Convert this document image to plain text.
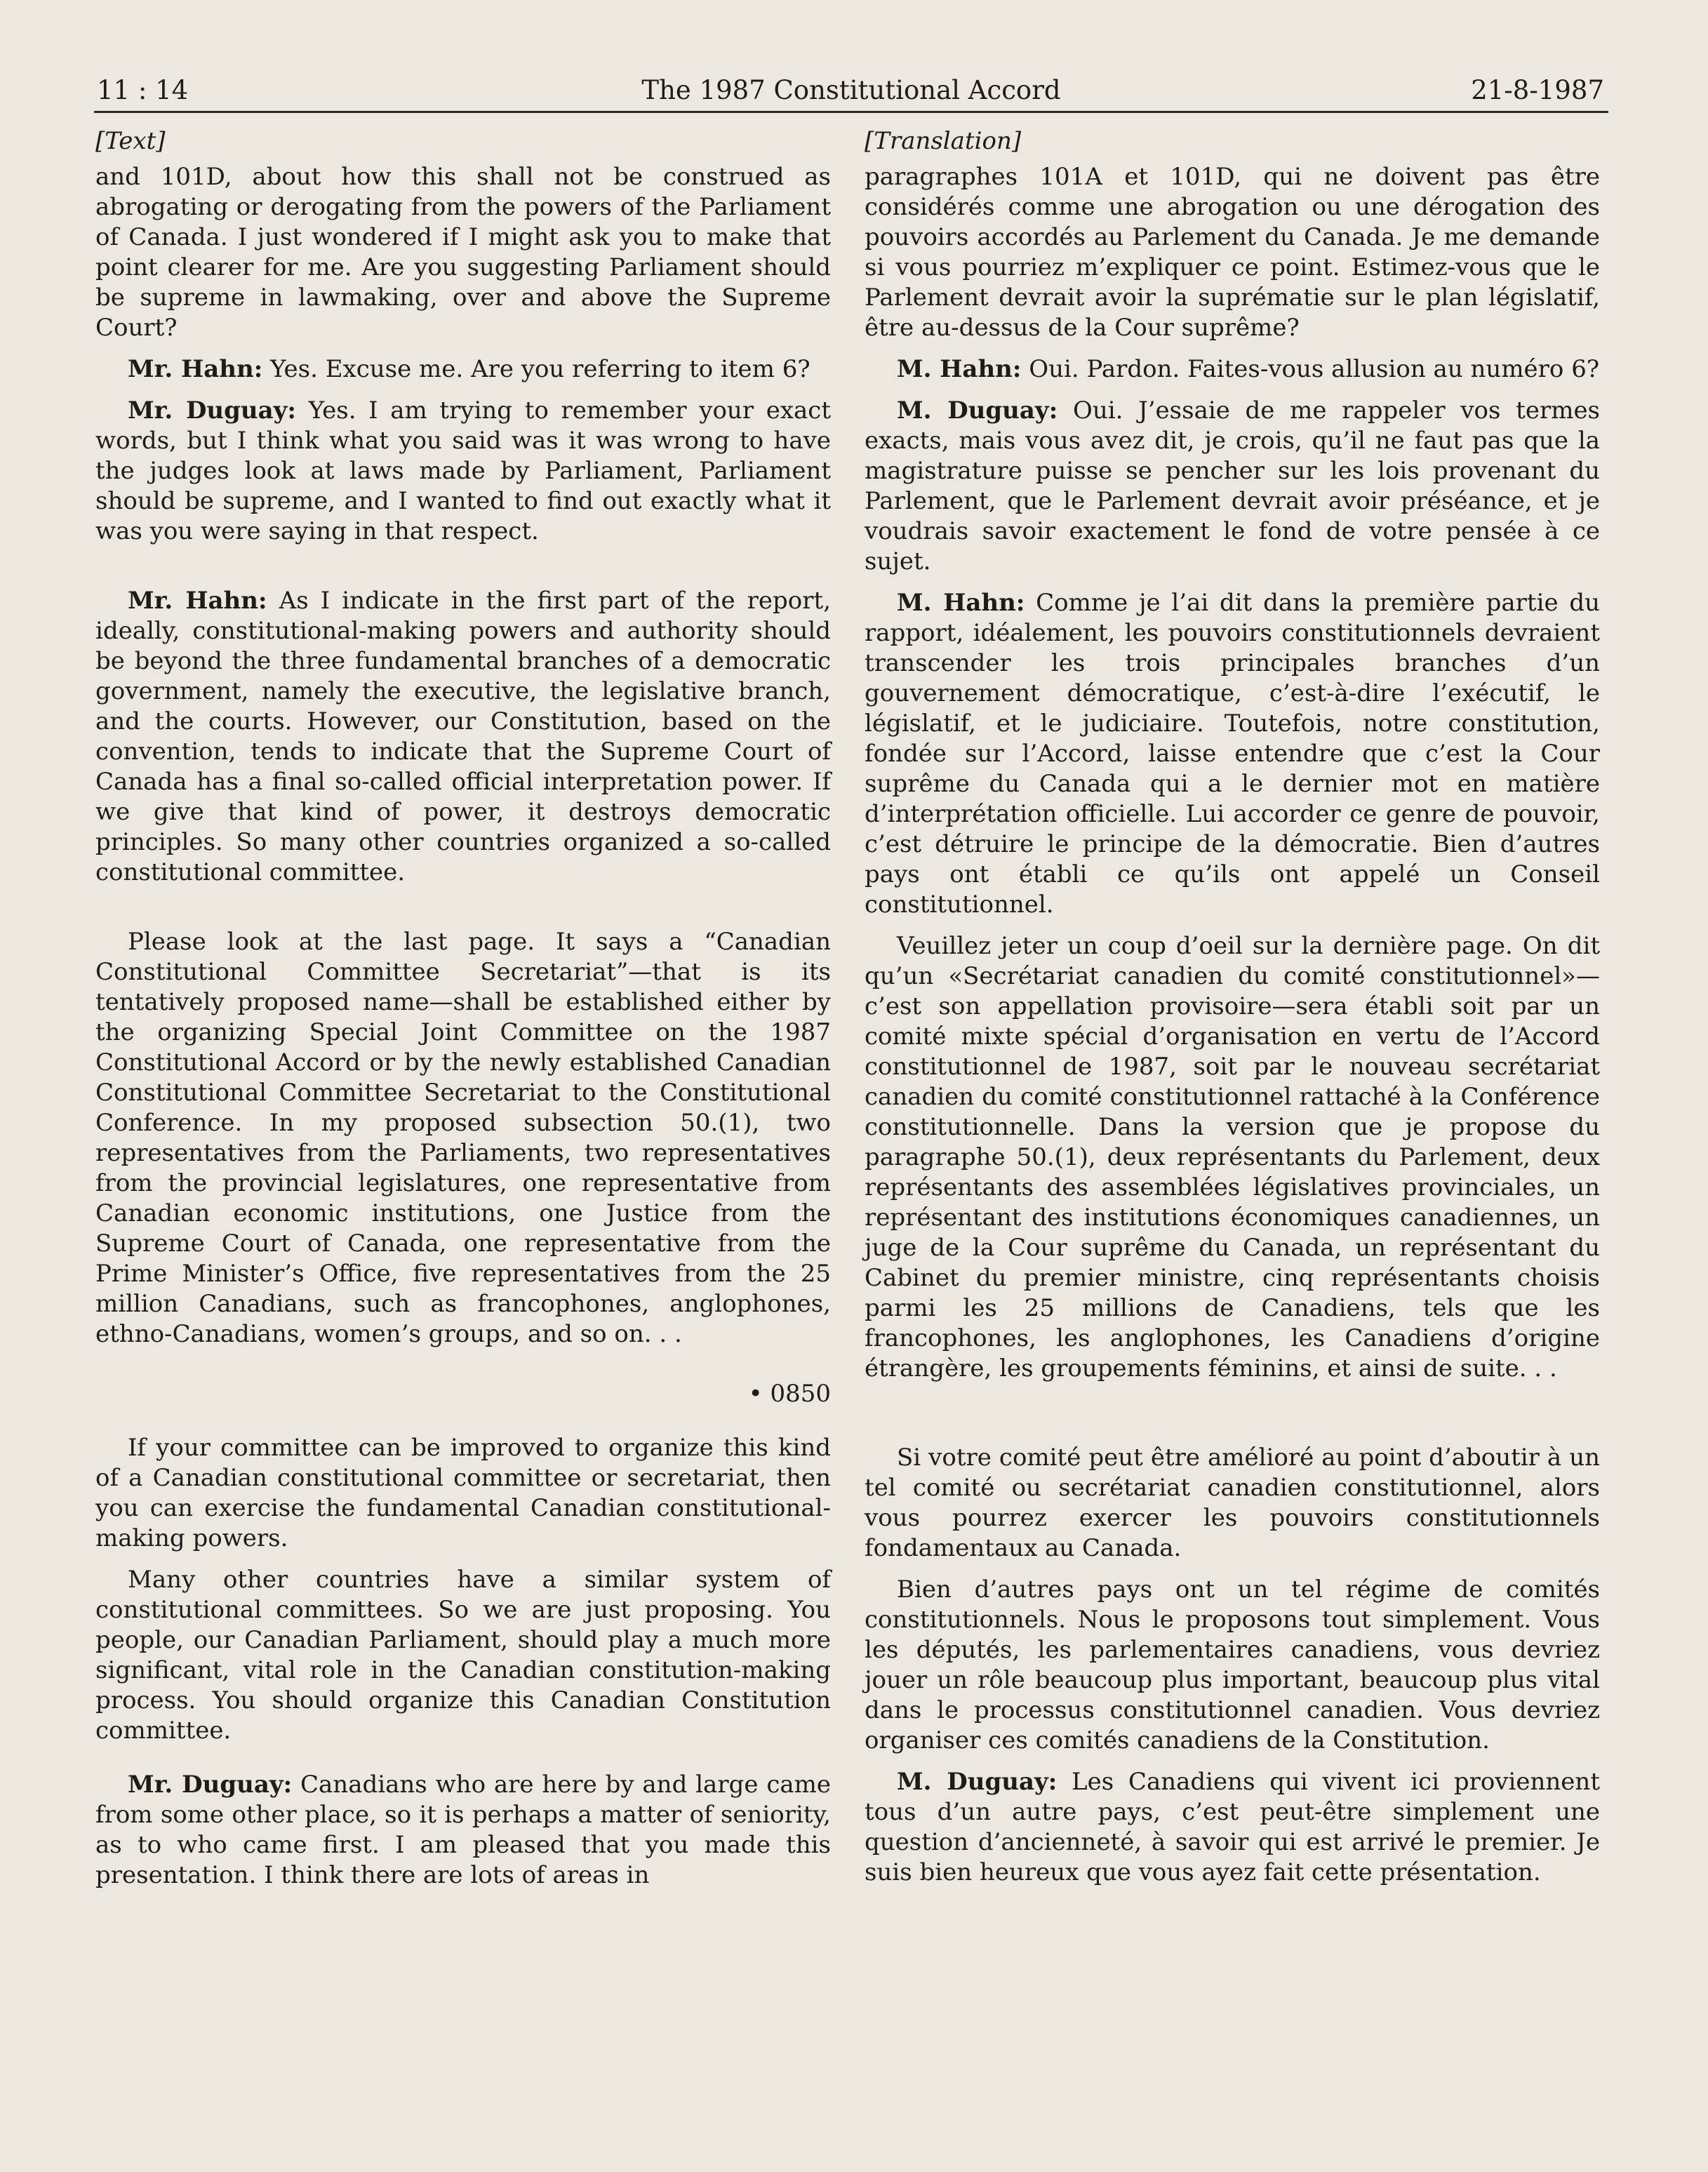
11 : 14	The 1987 Constitutional Accord	21-8-1987

[Text]

and 101D, about how this shall not be construed as abrogating or derogating from the powers of the Parliament of Canada. I just wondered if I might ask you to make that point clearer for me. Are you suggesting Parliament should be supreme in lawmaking, over and above the Supreme Court?

Mr. Hahn: Yes. Excuse me. Are you referring to item 6?

Mr. Duguay: Yes. I am trying to remember your exact words, but I think what you said was it was wrong to have the judges look at laws made by Parliament, Parliament should be supreme, and I wanted to find out exactly what it was you were saying in that respect.

Mr. Hahn: As I indicate in the first part of the report, ideally, constitutional-making powers and authority should be beyond the three fundamental branches of a democratic government, namely the executive, the legislative branch, and the courts. However, our Constitution, based on the convention, tends to indicate that the Supreme Court of Canada has a final so-called official interpretation power. If we give that kind of power, it destroys democratic principles. So many other countries organized a so-called constitutional committee.

Please look at the last page. It says a “Canadian Constitutional Committee Secretariat”—that is its tentatively proposed name—shall be established either by the organizing Special Joint Committee on the 1987 Constitutional Accord or by the newly established Canadian Constitutional Committee Secretariat to the Constitutional Conference. In my proposed subsection 50.(1), two representatives from the Parliaments, two representatives from the provincial legislatures, one representative from Canadian economic institutions, one Justice from the Supreme Court of Canada, one representative from the Prime Minister’s Office, five representatives from the 25 million Canadians, such as francophones, anglophones, ethno-Canadians, women’s groups, and so on. . .

• 0850

If your committee can be improved to organize this kind of a Canadian constitutional committee or secretariat, then you can exercise the fundamental Canadian constitutional-making powers.

Many other countries have a similar system of constitutional committees. So we are just proposing. You people, our Canadian Parliament, should play a much more significant, vital role in the Canadian constitution-making process. You should organize this Canadian Constitution committee.

Mr. Duguay: Canadians who are here by and large came from some other place, so it is perhaps a matter of seniority, as to who came first. I am pleased that you made this presentation. I think there are lots of areas in

[Translation]

paragraphes 101A et 101D, qui ne doivent pas être considérés comme une abrogation ou une dérogation des pouvoirs accordés au Parlement du Canada. Je me demande si vous pourriez m’expliquer ce point. Estimez-vous que le Parlement devrait avoir la suprématie sur le plan législatif, être au-dessus de la Cour suprême?

M. Hahn: Oui. Pardon. Faites-vous allusion au numéro 6?

M. Duguay: Oui. J’essaie de me rappeler vos termes exacts, mais vous avez dit, je crois, qu’il ne faut pas que la magistrature puisse se pencher sur les lois provenant du Parlement, que le Parlement devrait avoir préséance, et je voudrais savoir exactement le fond de votre pensée à ce sujet.

M. Hahn: Comme je l’ai dit dans la première partie du rapport, idéalement, les pouvoirs constitutionnels devraient transcender les trois principales branches d’un gouvernement démocratique, c’est-à-dire l’exécutif, le législatif, et le judiciaire. Toutefois, notre constitution, fondée sur l’Accord, laisse entendre que c’est la Cour suprême du Canada qui a le dernier mot en matière d’interprétation officielle. Lui accorder ce genre de pouvoir, c’est détruire le principe de la démocratie. Bien d’autres pays ont établi ce qu’ils ont appelé un Conseil constitutionnel.

Veuillez jeter un coup d’oeil sur la dernière page. On dit qu’un «Secrétariat canadien du comité constitutionnel»—c’est son appellation provisoire—sera établi soit par un comité mixte spécial d’organisation en vertu de l’Accord constitutionnel de 1987, soit par le nouveau secrétariat canadien du comité constitutionnel rattaché à la Conférence constitutionnelle. Dans la version que je propose du paragraphe 50.(1), deux représentants du Parlement, deux représentants des assemblées législatives provinciales, un représentant des institutions économiques canadiennes, un juge de la Cour suprême du Canada, un représentant du Cabinet du premier ministre, cinq représentants choisis parmi les 25 millions de Canadiens, tels que les francophones, les anglophones, les Canadiens d’origine étrangère, les groupements féminins, et ainsi de suite. . .

Si votre comité peut être amélioré au point d’aboutir à un tel comité ou secrétariat canadien constitutionnel, alors vous pourrez exercer les pouvoirs constitutionnels fondamentaux au Canada.

Bien d’autres pays ont un tel régime de comités constitutionnels. Nous le proposons tout simplement. Vous les députés, les parlementaires canadiens, vous devriez jouer un rôle beaucoup plus important, beaucoup plus vital dans le processus constitutionnel canadien. Vous devriez organiser ces comités canadiens de la Constitution.

M. Duguay: Les Canadiens qui vivent ici proviennent tous d’un autre pays, c’est peut-être simplement une question d’ancienneté, à savoir qui est arrivé le premier. Je suis bien heureux que vous ayez fait cette présentation.
